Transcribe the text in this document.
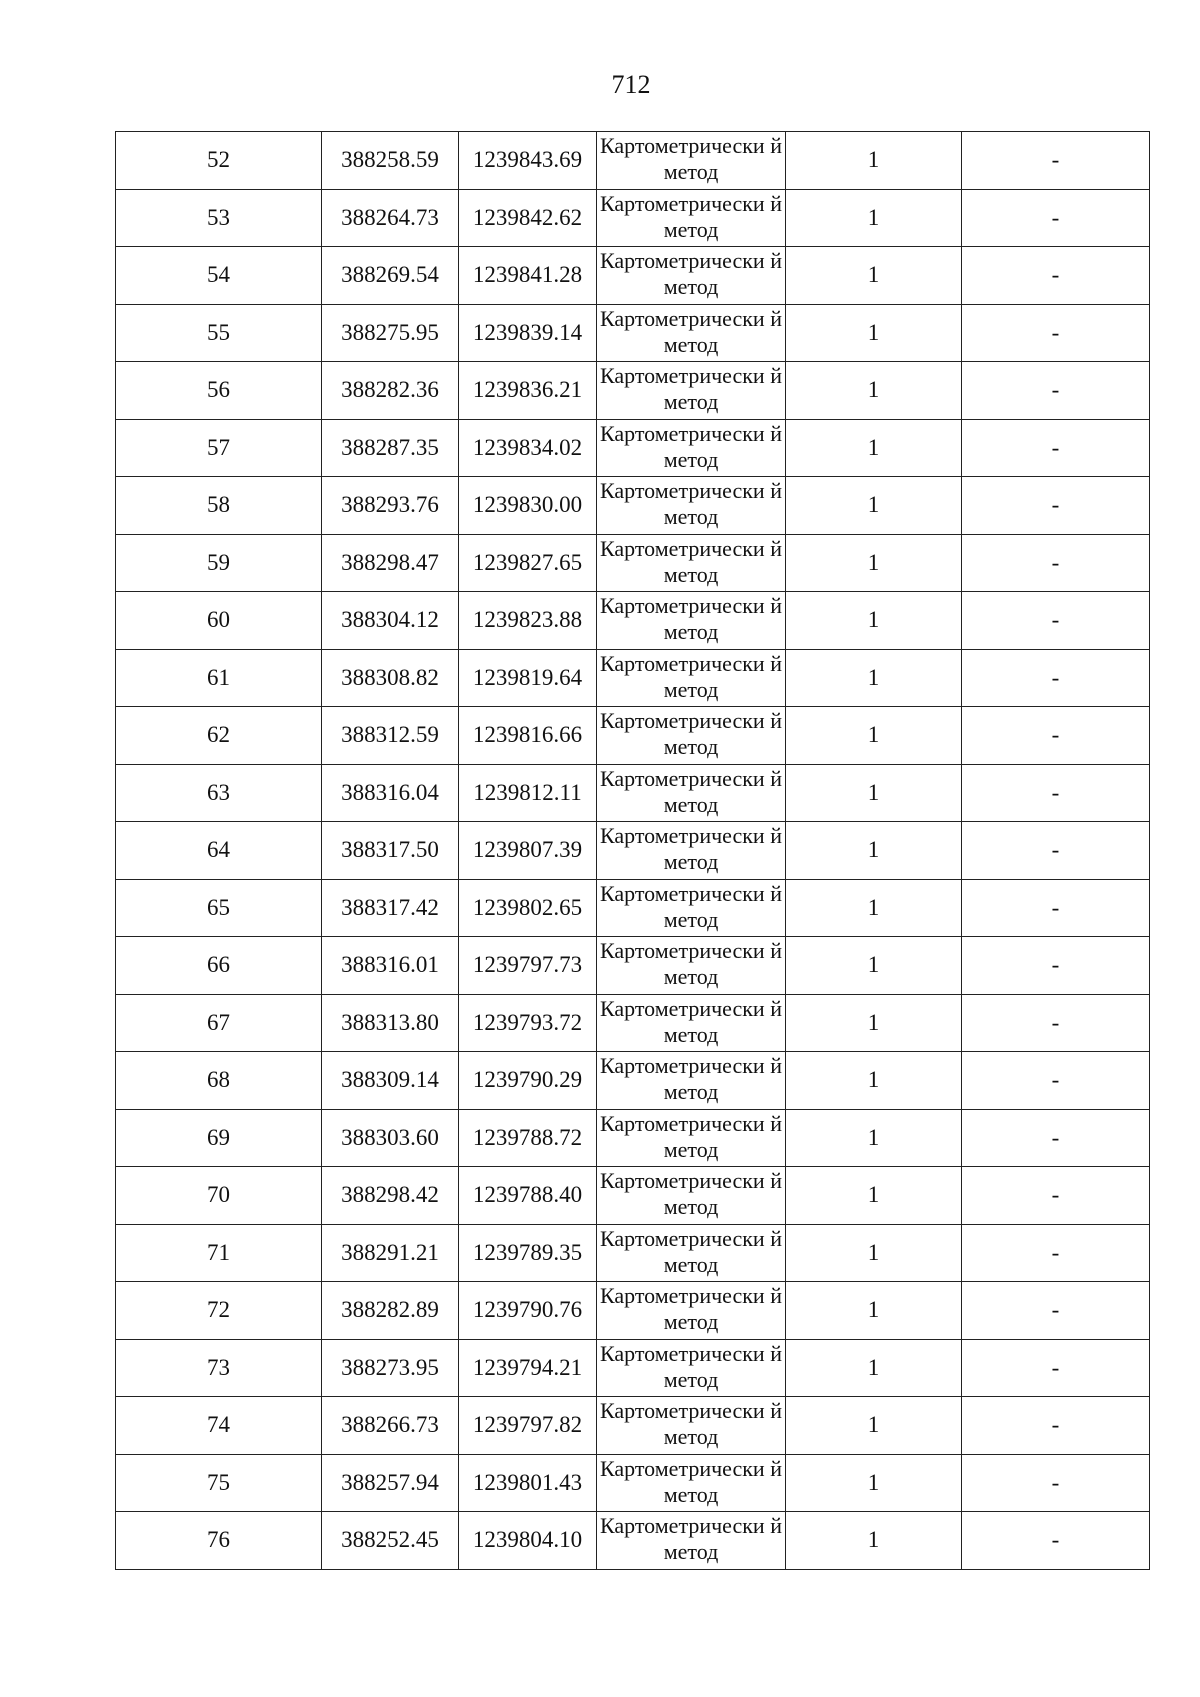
712
52	388258.59	1239843.69	Картометрически й метод	1	-
53	388264.73	1239842.62	Картометрически й метод	1	-
54	388269.54	1239841.28	Картометрически й метод	1	-
55	388275.95	1239839.14	Картометрически й метод	1	-
56	388282.36	1239836.21	Картометрически й метод	1	-
57	388287.35	1239834.02	Картометрически й метод	1	-
58	388293.76	1239830.00	Картометрически й метод	1	-
59	388298.47	1239827.65	Картометрически й метод	1	-
60	388304.12	1239823.88	Картометрически й метод	1	-
61	388308.82	1239819.64	Картометрически й метод	1	-
62	388312.59	1239816.66	Картометрически й метод	1	-
63	388316.04	1239812.11	Картометрически й метод	1	-
64	388317.50	1239807.39	Картометрически й метод	1	-
65	388317.42	1239802.65	Картометрически й метод	1	-
66	388316.01	1239797.73	Картометрически й метод	1	-
67	388313.80	1239793.72	Картометрически й метод	1	-
68	388309.14	1239790.29	Картометрически й метод	1	-
69	388303.60	1239788.72	Картометрически й метод	1	-
70	388298.42	1239788.40	Картометрически й метод	1	-
71	388291.21	1239789.35	Картометрически й метод	1	-
72	388282.89	1239790.76	Картометрически й метод	1	-
73	388273.95	1239794.21	Картометрически й метод	1	-
74	388266.73	1239797.82	Картометрически й метод	1	-
75	388257.94	1239801.43	Картометрически й метод	1	-
76	388252.45	1239804.10	Картометрически й метод	1	-
